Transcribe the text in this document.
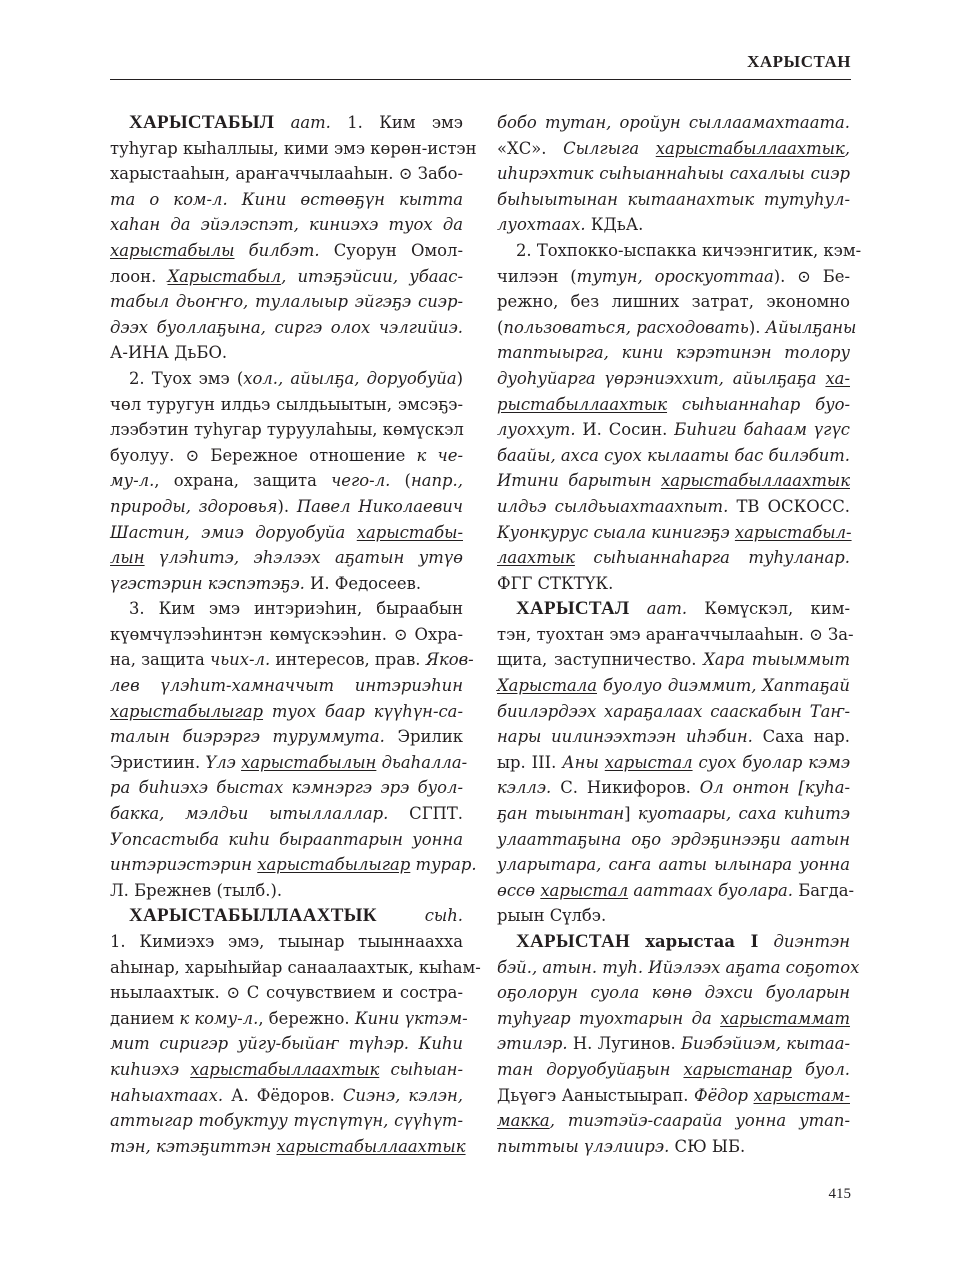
ХАРЫСТАН
ХАРЫСТАБЫЛ аат. 1. Ким эмэ
туһугар кыһаллыы, кими эмэ көрөн-истэн
харыстааһын, араҥаччылааһын. ⊙ Забо-
та о ком-л. Кини өстөөҕүн кытта
хаһан да эйэлэспэт, киниэхэ туох да
харыстабылы билбэт. Суорун Омол-
лоон. Харыстабыл, итэҕэйсии, убаас-
табыл дьоҥҥо, тулалыыр эйгэҕэ сиэр-
дээх буоллаҕына, сиргэ олох чэлгийиэ.
А-ИНА ДьБО.
2. Туох эмэ (хол., айылҕа, доруобуйа)
чөл туругун илдьэ сылдьыытын, эмсэҕэ-
лээбэтин туһугар туруулаһыы, көмүскэл
буолуу. ⊙ Бережное отношение к че-
му-л., охрана, защита чего-л. (напр.,
природы, здоровья). Павел Николаевич
Шастин, эмиэ доруобуйа харыстабы-
лын үлэһитэ, эһэлээх аҕатын утүө
үгэстэрин кэспэтэҕэ. И. Федосеев.
3. Ким эмэ интэриэһин, бырaабын
күөмчүлээһинтэн көмүскээһин. ⊙ Охра-
на, защита чьих-л. интересов, прав. Яков-
лев үлэһит-хамначчыт интэриэһин
харыстабылыгар туох баар күүһүн-са-
талын биэрэргэ туруммута. Эрилик
Эристиин. Үлэ харыстабылын дьаһалла-
ра биһиэхэ быстах кэмнэргэ эрэ буол-
бакка, мэлдьи ытыллаллар. СГПТ.
Уопсастыба киһи бырааптарын уонна
интэриэстэрин харыстабылыгар турар.
Л. Брежнев (тылб.).
ХАРЫСТАБЫЛЛААХТЫК	сыһ.
1. Кимиэхэ эмэ, тыынар тыыннаахха
аһынар, харыһыйар санаалаахтык, кыһам-
ньылаахтык. ⊙ С сочувствием и состра-
данием к кому-л., бережно. Кини үктэм-
мит сиригэр уйгу-быйаҥ түһэр. Киһи
киһиэхэ харыстабыллаахтык сыһыан-
наһыахтаах. А. Фёдоров. Сиэнэ, кэлэн,
аттыгар тобуктуу түспүтүн, сүүһүт-
тэн, кэтэҕиттэн харыстабыллаахтык
бобо тутан, оройун сыллаамахтаата.
«ХС». Сылгыга харыстабыллаахтык,
иһирэхтик сыһыаннаһыы сахалыы сиэр
быһыытынан кытаанахтык тутуһул-
луохтаах. КДьА.
2. Тохпокко-ыспакка кичээнгитик, кэм-
чилээн (тутун, ороскуоттаа). ⊙ Бе-
режно, без лишних затрат, экономно
(пользоваться, расходовать). Айылҕаны
таптыырга, кини кэрэтинэн толору
дуоһуйарга үөрэниэххит, айылҕаҕа ха-
рыстабыллаахтык сыһыаннаһар буо-
луоххут. И. Сосин. Биһиги баһаам үгүс
баайы, ахса суох кылааты бас билэбит.
Итини барытын харыстабыллаахтык
илдьэ сылдьыахтаахпыт. ТВ ОСКОСС.
Куонкурус сыала кинигэҕэ харыстабыл-
лаахтык сыһыаннаһарга туһуланар.
ФГГ СТКТҮК.
ХАРЫСТАЛ аат. Көмүскэл, ким-
тэн, туохтан эмэ араҥаччылааһын. ⊙ За-
щита, заступничество. Хара тыыммыт
Харыстала буолуо диэммит, Хаптаҕай
биилэрдээх хараҕалаах сааскабын Таҥ-
нары иилинээхтээн иһэбин. Саха нар.
ыр. III. Аны харыстал суох буолар кэмэ
кэллэ. С. Никифоров. Ол онтон [куһа-
ҕан тыынтан] куотаары, саха киһитэ
улааттаҕына оҕо эрдэҕинээҕи аатын
уларытара, саҥа ааты ылынара уонна
өссө харыстал ааттаах буолара. Багда-
рыын Сүлбэ.
ХАРЫСТАН харыстаа I диэнтэн
бэй., атын. туһ. Ийэлээх аҕата соҕотох
оҕолорун суола көнө дэхси буоларын
туһугар туохтарын да харыстаммат
этилэр. Н. Лугинов. Биэбэйиэм, кытаа-
тан доруобуйаҕын харыстанар буол.
Дьүөгэ Ааныстыырап. Фёдор харыстам-
макка, тиэтэйэ-саарайа уонна утап-
пыттыы үлэлиирэ. СЮ ЫБ.
415
